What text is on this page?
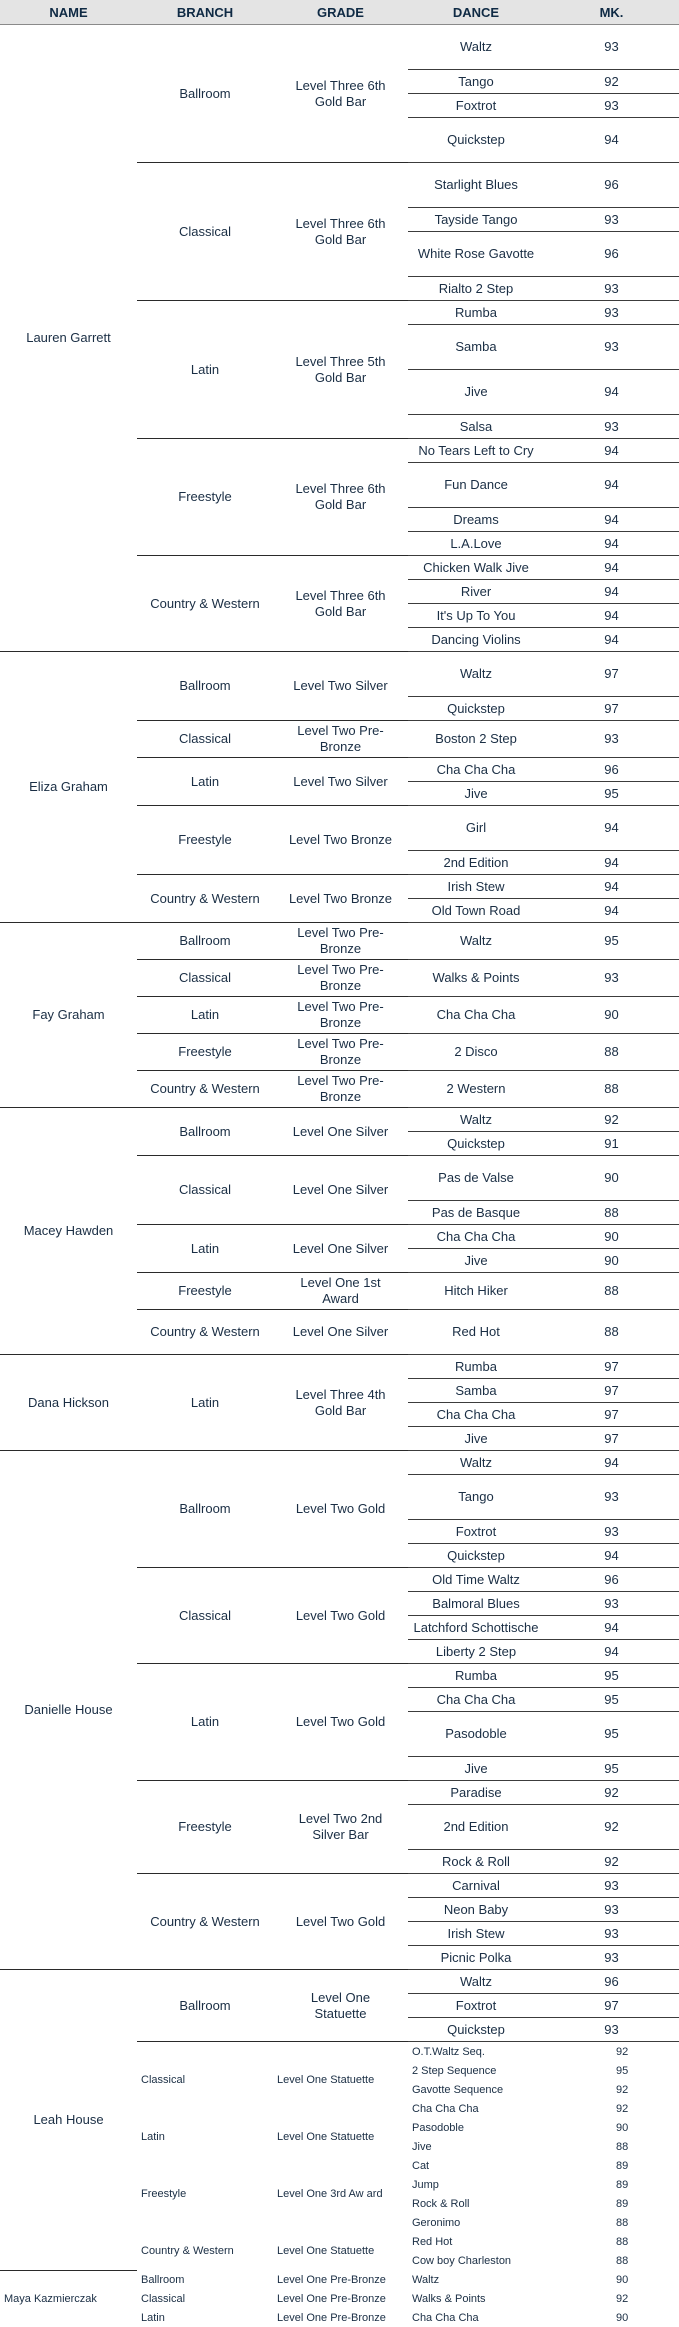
NAME	BRANCH	GRADE	DANCE	MK.
Lauren Garrett	Ballroom	Level Three 6th Gold Bar	Waltz	93
			Tango	92
			Foxtrot	93
			Quickstep	94
	Classical	Level Three 6th Gold Bar	Starlight Blues	96
			Tayside Tango	93
			White Rose Gavotte	96
			Rialto 2 Step	93
	Latin	Level Three 5th Gold Bar	Rumba	93
			Samba	93
			Jive	94
			Salsa	93
	Freestyle	Level Three 6th Gold Bar	No Tears Left to Cry	94
			Fun Dance	94
			Dreams	94
			L.A.Love	94
	Country & Western	Level Three 6th Gold Bar	Chicken Walk Jive	94
			River	94
			It's Up To You	94
			Dancing Violins	94
Eliza Graham	Ballroom	Level Two Silver	Waltz	97
			Quickstep	97
	Classical	Level Two Pre-Bronze	Boston 2 Step	93
	Latin	Level Two Silver	Cha Cha Cha	96
			Jive	95
	Freestyle	Level Two Bronze	Girl	94
			2nd Edition	94
	Country & Western	Level Two Bronze	Irish Stew	94
			Old Town Road	94
Fay Graham	Ballroom	Level Two Pre-Bronze	Waltz	95
	Classical	Level Two Pre-Bronze	Walks & Points	93
	Latin	Level Two Pre-Bronze	Cha Cha Cha	90
	Freestyle	Level Two Pre-Bronze	2 Disco	88
	Country & Western	Level Two Pre-Bronze	2 Western	88
Macey Hawden	Ballroom	Level One Silver	Waltz	92
			Quickstep	91
	Classical	Level One Silver	Pas de Valse	90
			Pas de Basque	88
	Latin	Level One Silver	Cha Cha Cha	90
			Jive	90
	Freestyle	Level One 1st Award	Hitch Hiker	88
	Country & Western	Level One Silver	Red Hot	88
Dana Hickson	Latin	Level Three 4th Gold Bar	Rumba	97
			Samba	97
			Cha Cha Cha	97
			Jive	97
Danielle House	Ballroom	Level Two Gold	Waltz	94
			Tango	93
			Foxtrot	93
			Quickstep	94
	Classical	Level Two Gold	Old Time Waltz	96
			Balmoral Blues	93
			Latchford Schottische	94
			Liberty 2 Step	94
	Latin	Level Two Gold	Rumba	95
			Cha Cha Cha	95
			Pasodoble	95
			Jive	95
	Freestyle	Level Two 2nd Silver Bar	Paradise	92
			2nd Edition	92
			Rock & Roll	92
	Country & Western	Level Two Gold	Carnival	93
			Neon Baby	93
			Irish Stew	93
			Picnic Polka	93
Leah House	Ballroom	Level One Statuette	Waltz	96
			Foxtrot	97
			Quickstep	93
	Classical	Level One Statuette	O.T.Waltz Seq.	92
			2 Step Sequence	95
			Gavotte Sequence	92
			Cha Cha Cha	92
	Latin	Level One Statuette	Pasodoble	90
			Jive	88
	Freestyle	Level One 3rd Aw ard	Cat	89
			Jump	89
			Rock & Roll	89
			Geronimo	88
	Country & Western	Level One Statuette	Red Hot	88
			Cow boy Charleston	88
Maya Kazmierczak	Ballroom	Level One Pre-Bronze	Waltz	90
	Classical	Level One Pre-Bronze	Walks & Points	92
	Latin	Level One Pre-Bronze	Cha Cha Cha	90
